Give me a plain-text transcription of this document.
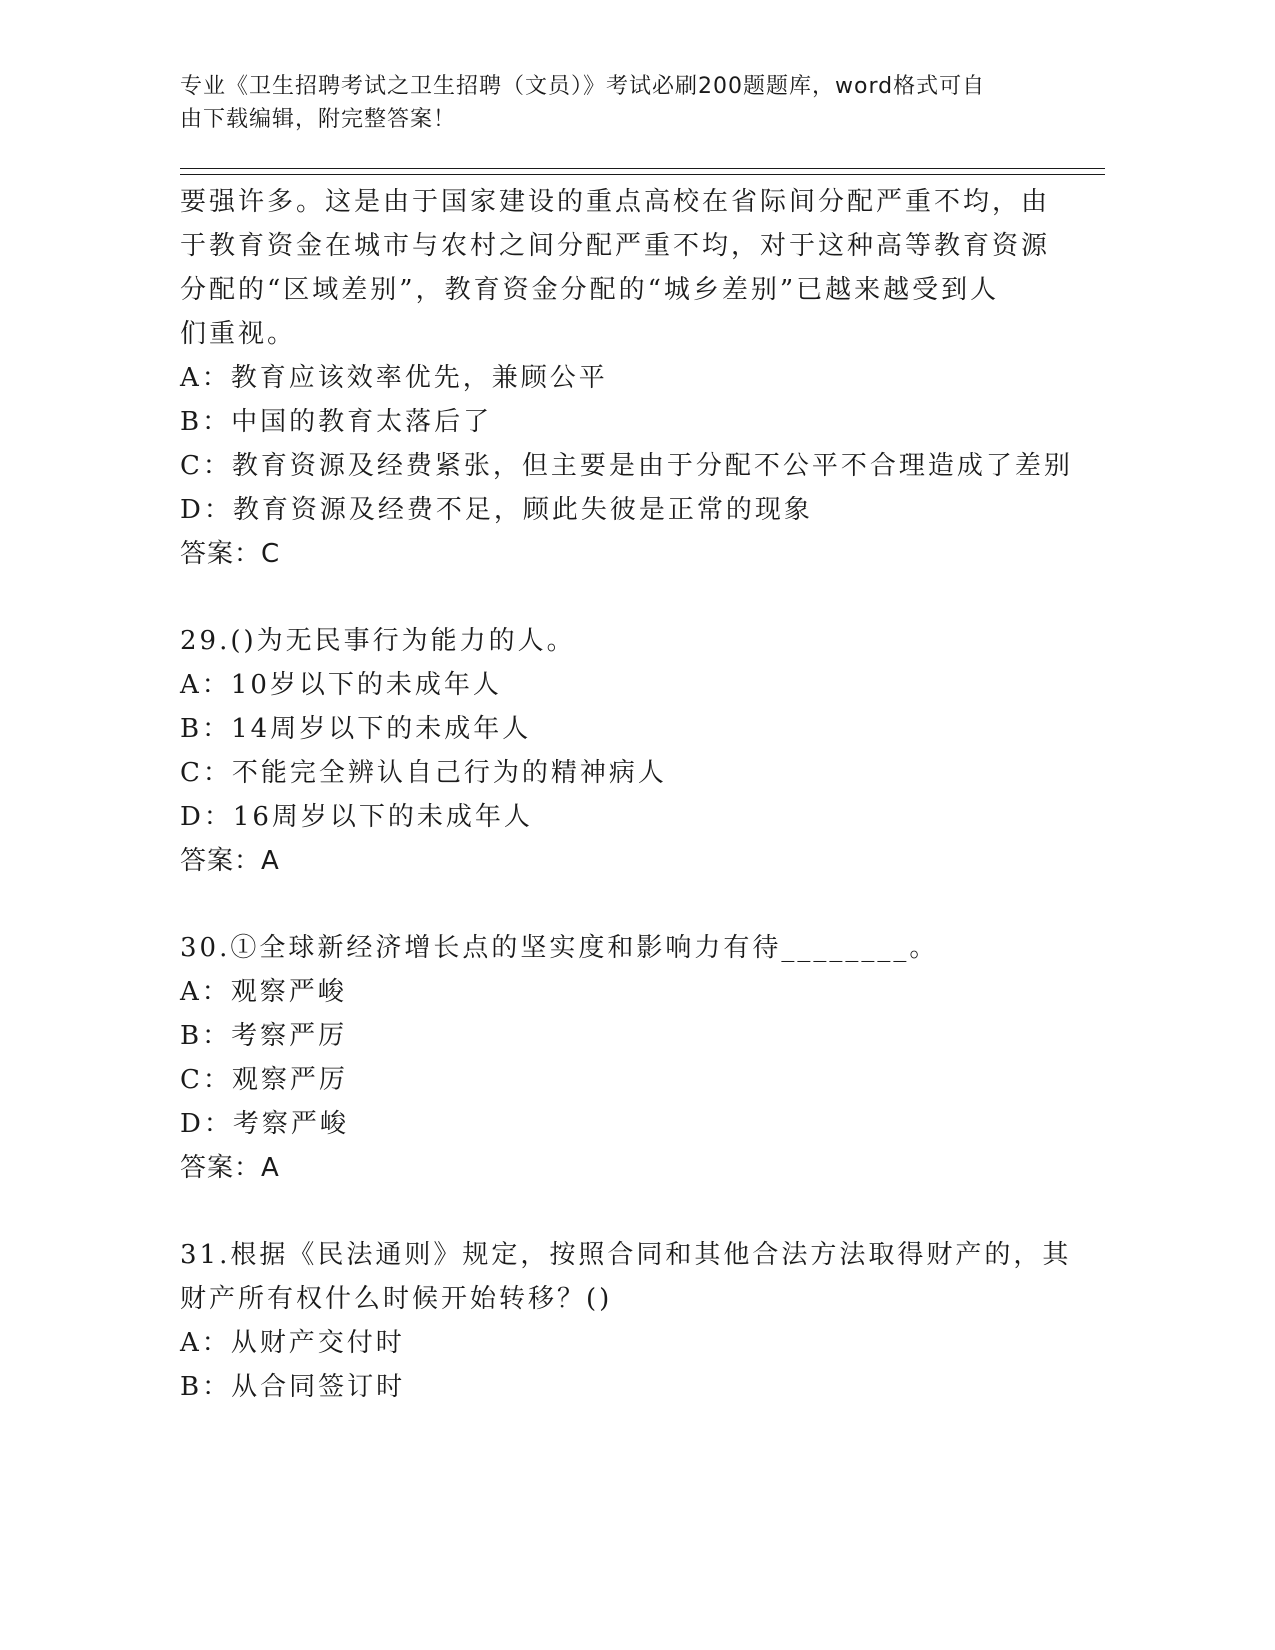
专业《卫生招聘考试之卫生招聘（文员）》考试必刷200题题库，word格式可自
由下载编辑，附完整答案！
要强许多。这是由于国家建设的重点高校在省际间分配严重不均，由
于教育资金在城市与农村之间分配严重不均，对于这种高等教育资源
分配的“区域差别”，教育资金分配的“城乡差别”已越来越受到人
们重视。
A：教育应该效率优先，兼顾公平
B：中国的教育太落后了
C：教育资源及经费紧张，但主要是由于分配不公平不合理造成了差别
D：教育资源及经费不足，顾此失彼是正常的现象
答案：C
29.()为无民事行为能力的人。
A：10岁以下的未成年人
B：14周岁以下的未成年人
C：不能完全辨认自己行为的精神病人
D：16周岁以下的未成年人
答案：A
30.①全球新经济增长点的坚实度和影响力有待________。
A：观察严峻
B：考察严厉
C：观察严厉
D：考察严峻
答案：A
31.根据《民法通则》规定，按照合同和其他合法方法取得财产的，其
财产所有权什么时候开始转移？()
A：从财产交付时
B：从合同签订时
